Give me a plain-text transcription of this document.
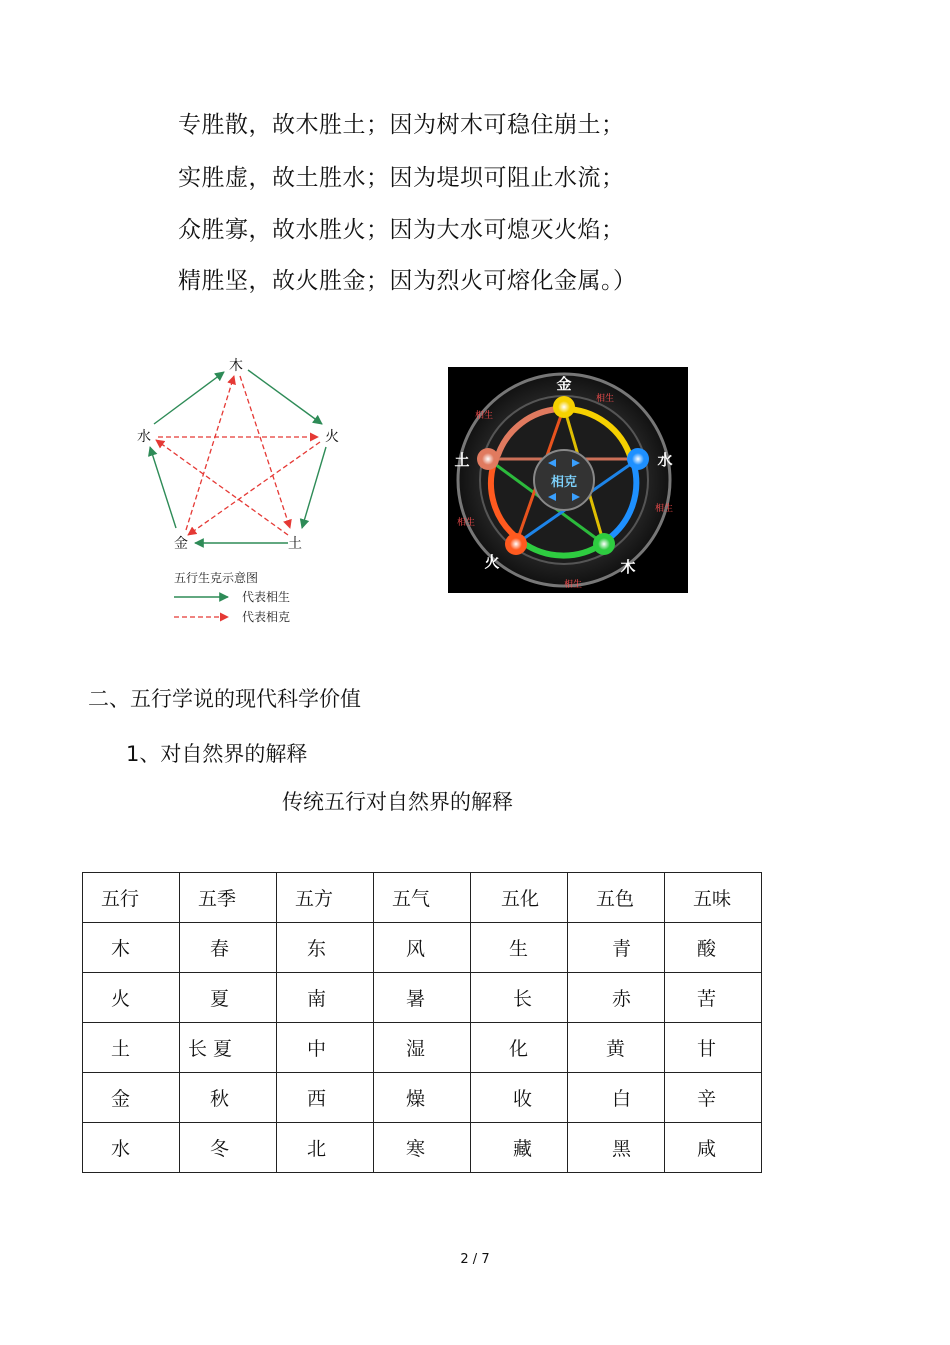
专胜散，故木胜土；因为树木可稳住崩土；
实胜虚，故土胜水；因为堤坝可阻止水流；
众胜寡，故水胜火；因为大水可熄灭火焰；
精胜坚，故火胜金；因为烈火可熔化金属。）
木
火
土
金
水
五行生克示意图
代表相生
代表相克
相克
金
水
木
火
土
相生
相生
相生
相生
相生
二、五行学说的现代科学价值
1、对自然界的解释
传统五行对自然界的解释
五行	五季	五方	五气	五化	五色	五味
木	春	东	风	生	青	酸
火	夏	南	暑	长	赤	苦
土	长 夏	中	湿	化	黄	甘
金	秋	西	燥	收	白	辛
水	冬	北	寒	藏	黑	咸
2 / 7
